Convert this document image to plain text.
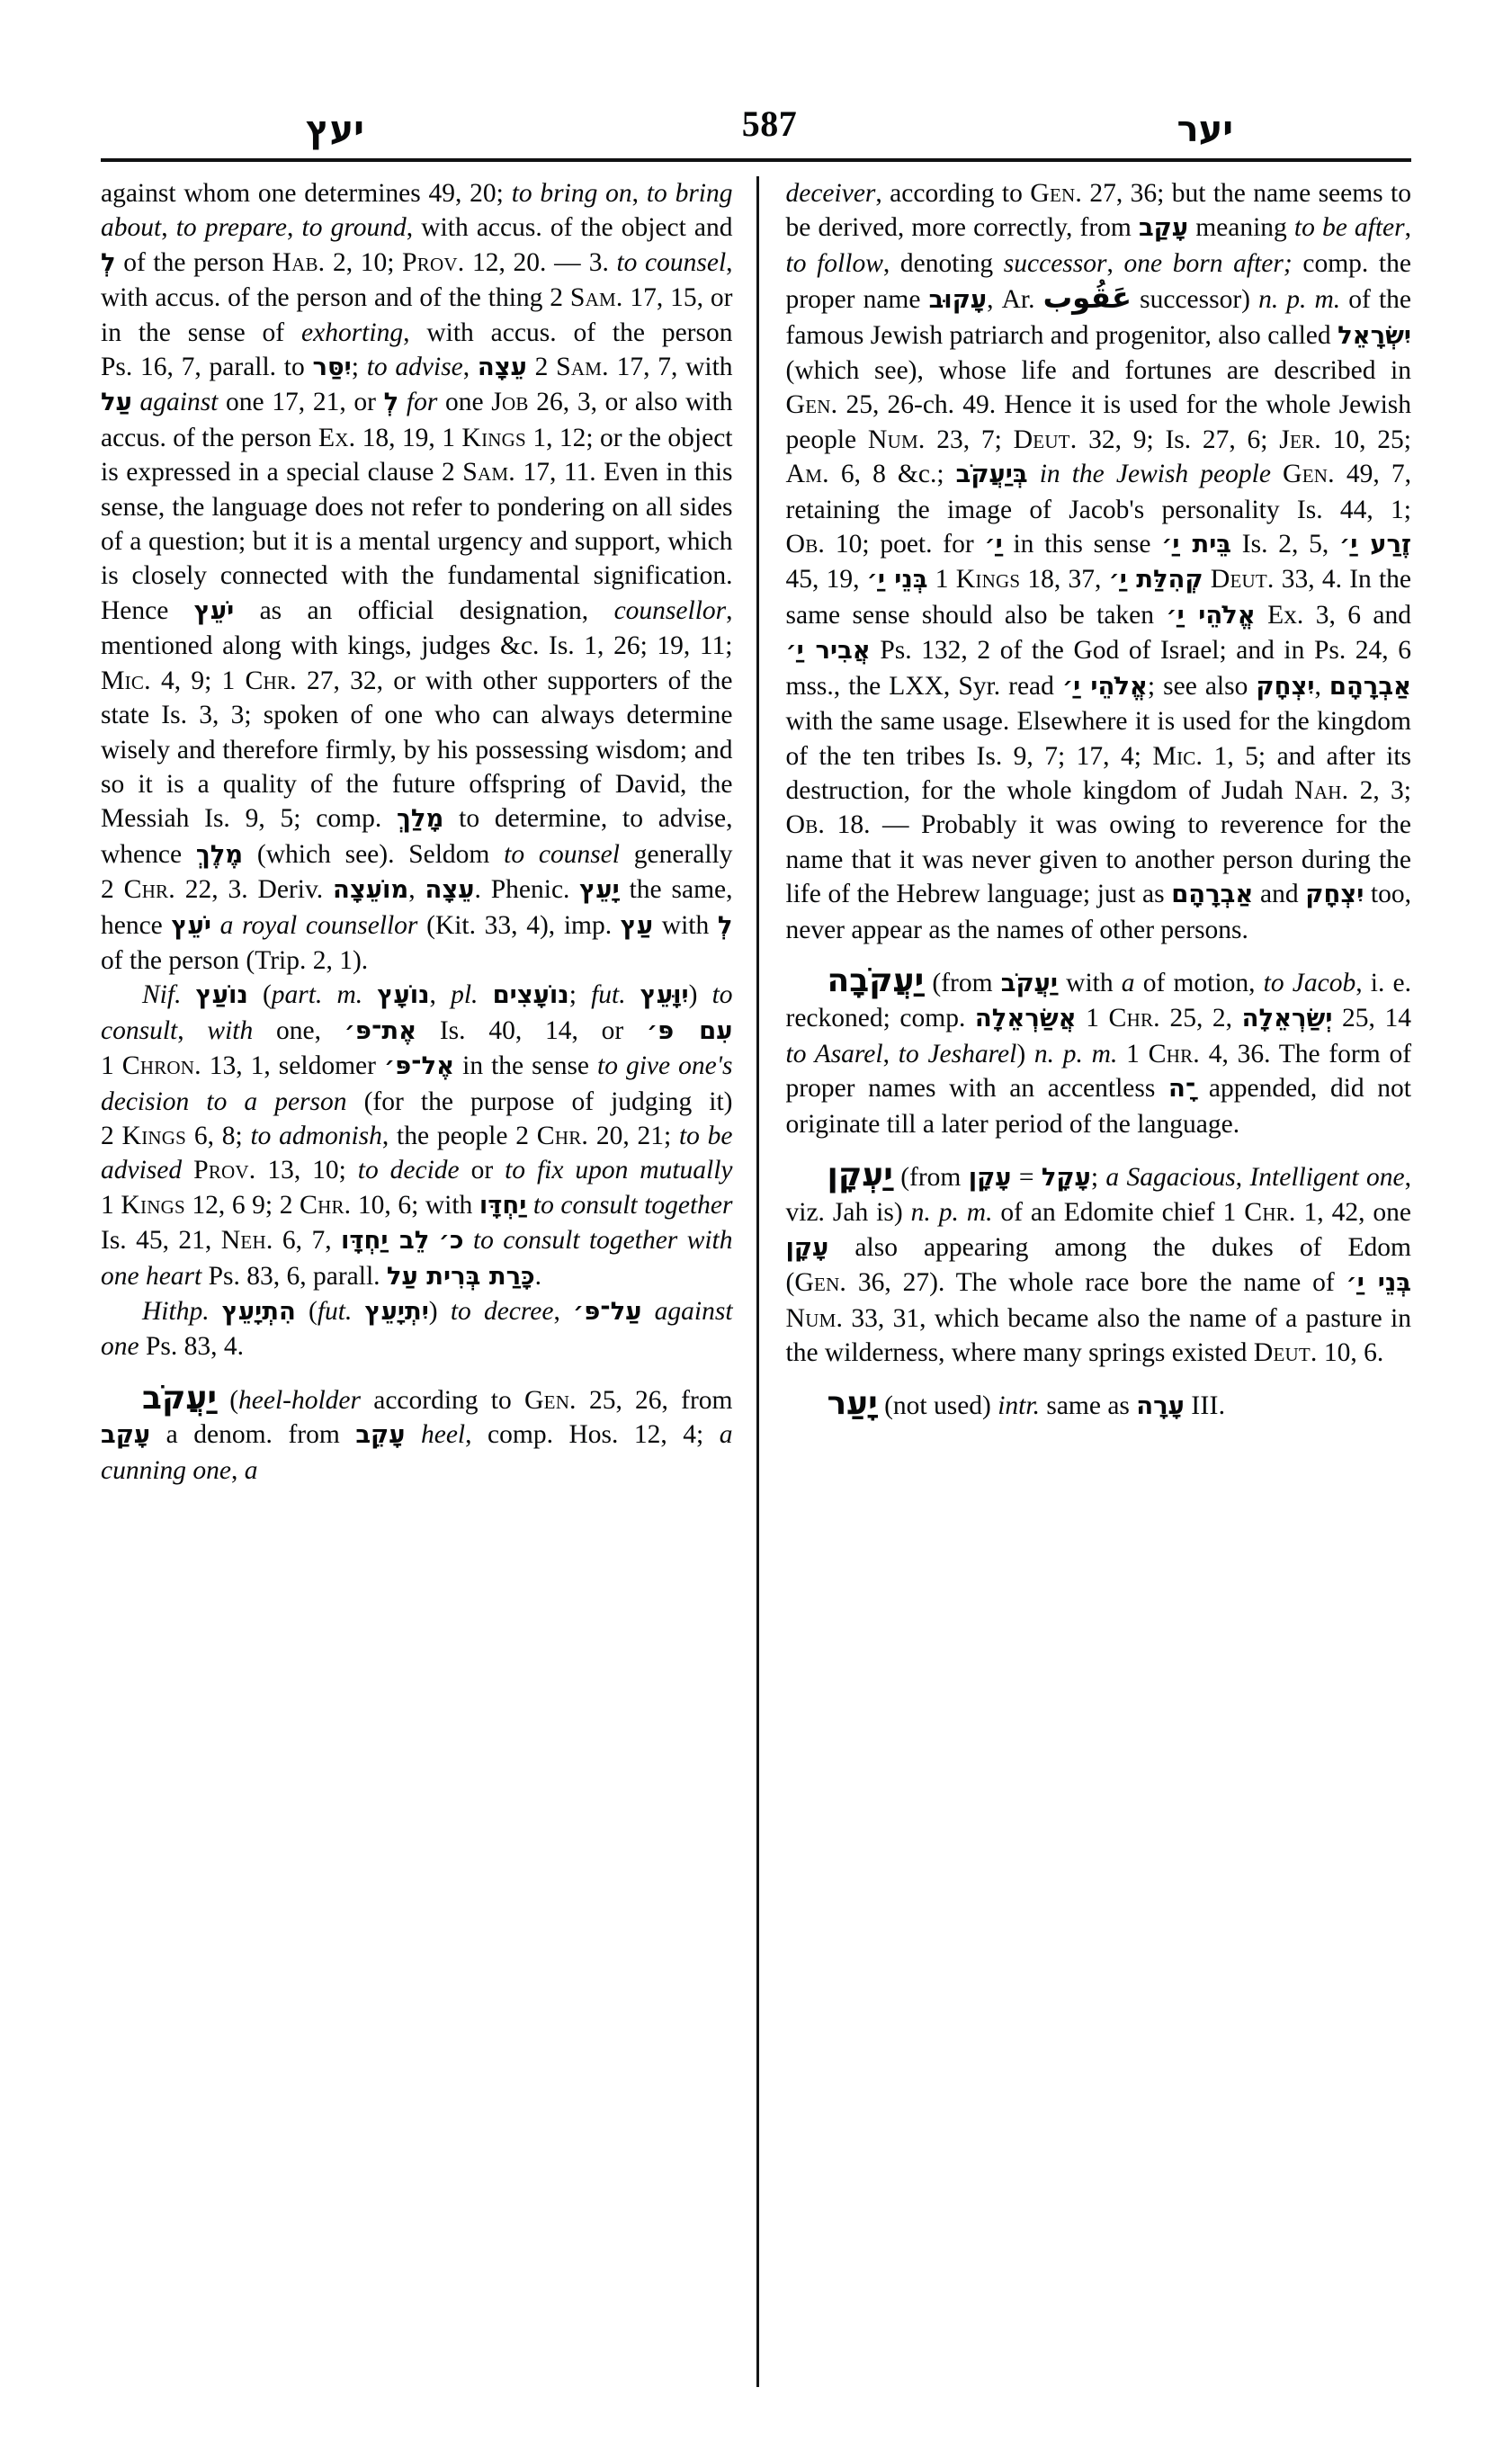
יעץ	587	יער

against whom one determines 49, 20; to bring on, to bring about, to prepare, to ground, with accus. of the object and לְ of the person Hab. 2, 10; Prov. 12, 20. — 3. to counsel, with accus. of the person and of the thing 2 Sam. 17, 15, or in the sense of exhorting, with accus. of the person Ps. 16, 7, parall. to יִסַּר; to advise, עֵצָה 2 Sam. 17, 7, with עַל against one 17, 21, or לְ for one Job 26, 3, or also with accus. of the person Ex. 18, 19, 1 Kings 1, 12; or the object is expressed in a special clause 2 Sam. 17, 11. Even in this sense, the language does not refer to pondering on all sides of a question; but it is a mental urgency and support, which is closely connected with the fundamental signification. Hence יֹעֵץ as an official designation, counsellor, mentioned along with kings, judges &c. Is. 1, 26; 19, 11; Mic. 4, 9; 1 Chr. 27, 32, or with other supporters of the state Is. 3, 3; spoken of one who can always determine wisely and therefore firmly, by his possessing wisdom; and so it is a quality of the future offspring of David, the Messiah Is. 9, 5; comp. מָלַךְ to determine, to advise, whence מֶלֶךְ (which see). Seldom to counsel generally 2 Chr. 22, 3. Deriv. מוֹעֵצָה, עֵצָה. Phenic. יָעֵץ the same, hence יֹעֵץ a royal counsellor (Kit. 33, 4), imp. עַץ with לְ of the person (Trip. 2, 1).

Nif. נוֹעַץ (part. m. נוֹעָץ, pl. נוֹעָצִים; fut. יִוָּעֵץ) to consult, with one, אֶת־פּ׳ Is. 40, 14, or עִם פּ׳ 1 Chron. 13, 1, seldomer אֶל־פּ׳ in the sense to give one's decision to a person (for the purpose of judging it) 2 Kings 6, 8; to admonish, the people 2 Chr. 20, 21; to be advised Prov. 13, 10; to decide or to fix upon mutually 1 Kings 12, 6 9; 2 Chr. 10, 6; with יַחְדָּו to consult together Is. 45, 21, Neh. 6, 7, לֵב יַחְדָּו כ׳ to consult together with one heart Ps. 83, 6, parall. כָּרַת בְּרִית עַל.

Hithp. הִתְיָעֵץ (fut. יִתְיָעֵץ) to decree, עַל־פּ׳ against one Ps. 83, 4.

יַעֲקֹב (heel-holder according to Gen. 25, 26, from עָקַב a denom. from עָקֵב heel, comp. Hos. 12, 4; a cunning one, a

deceiver, according to Gen. 27, 36; but the name seems to be derived, more correctly, from עָקַב meaning to be after, to follow, denoting successor, one born after; comp. the proper name עָקוּב, Ar. عَقُوب successor) n. p. m. of the famous Jewish patriarch and progenitor, also called יִשְׂרָאֵל (which see), whose life and fortunes are described in Gen. 25, 26-ch. 49. Hence it is used for the whole Jewish people Num. 23, 7; Deut. 32, 9; Is. 27, 6; Jer. 10, 25; Am. 6, 8 &c.; בְּיַעֲקֹב in the Jewish people Gen. 49, 7, retaining the image of Jacob's personality Is. 44, 1; Ob. 10; poet. for יַ׳ in this sense בֵּית יַ׳ Is. 2, 5, זֶרַע יַ׳ 45, 19, בְּנֵי יַ׳ 1 Kings 18, 37, קְהִלַּת יַ׳ Deut. 33, 4. In the same sense should also be taken אֱלֹהֵי יַ׳ Ex. 3, 6 and אֲבִיר יַ׳ Ps. 132, 2 of the God of Israel; and in Ps. 24, 6 mss., the LXX, Syr. read אֱלֹהֵי יַ׳; see also יִצְחָק, אַבְרָהָם with the same usage. Elsewhere it is used for the kingdom of the ten tribes Is. 9, 7; 17, 4; Mic. 1, 5; and after its destruction, for the whole kingdom of Judah Nah. 2, 3; Ob. 18. — Probably it was owing to reverence for the name that it was never given to another person during the life of the Hebrew language; just as אַבְרָהָם and יִצְחָק too, never appear as the names of other persons.

יַעֲקֹבָה (from יַעֲקֹב with a of motion, to Jacob, i. e. reckoned; comp. אֲשַׂרְאֵלָה 1 Chr. 25, 2, יְשַׂרְאֵלָה 25, 14 to Asarel, to Jesharel) n. p. m. 1 Chr. 4, 36. The form of proper names with an accentless ־ָה appended, did not originate till a later period of the language.

יַעְקָן (from עָקָן = עָקָל; a Sagacious, Intelligent one, viz. Jah is) n. p. m. of an Edomite chief 1 Chr. 1, 42, one עָקָן also appearing among the dukes of Edom (Gen. 36, 27). The whole race bore the name of בְּנֵי יַ׳ Num. 33, 31, which became also the name of a pasture in the wilderness, where many springs existed Deut. 10, 6.

יָעַר (not used) intr. same as עָרָה III.
